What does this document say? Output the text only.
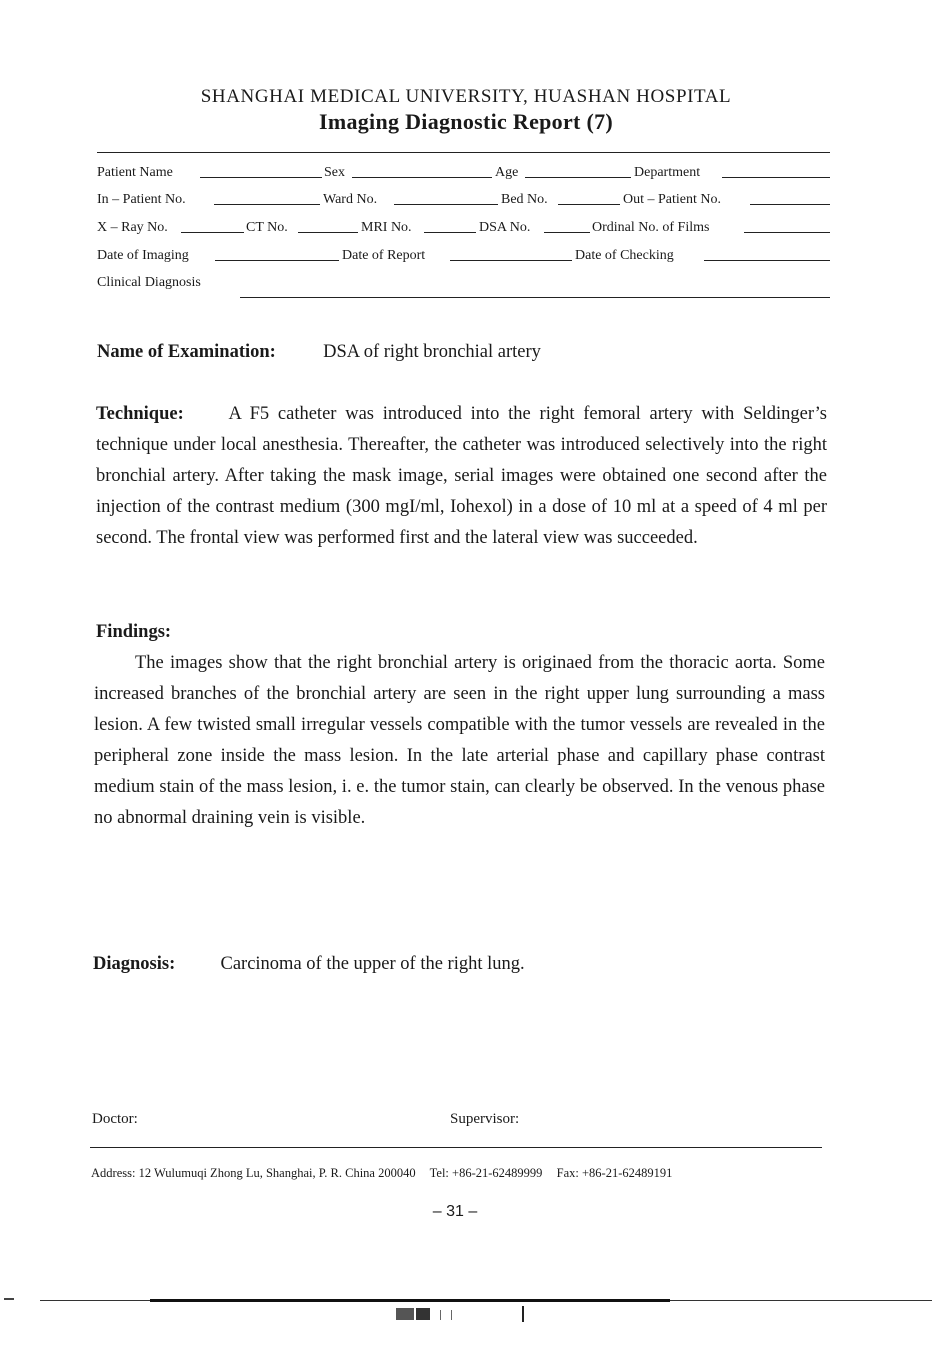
SHANGHAI MEDICAL UNIVERSITY, HUASHAN HOSPITAL
Imaging Diagnostic Report (7)
Patient Name	Sex	Age	Department
In – Patient No.	Ward No.	Bed No.	Out – Patient No.
X – Ray No.	CT No.	MRI No.	DSA No.	Ordinal No. of Films
Date of Imaging	Date of Report	Date of Checking
Clinical Diagnosis
Name of Examination:	DSA of right bronchial artery
Technique: A F5 catheter was introduced into the right femoral artery with Seldinger’s technique under local anesthesia. Thereafter, the catheter was introduced selectively into the right bronchial artery. After taking the mask image, serial images were obtained one second after the injection of the contrast medium (300 mgI/ml, Iohexol) in a dose of 10 ml at a speed of 4 ml per second. The frontal view was performed first and the lateral view was succeeded.
Findings:
The images show that the right bronchial artery is originaed from the thoracic aorta. Some increased branches of the bronchial artery are seen in the right upper lung surrounding a mass lesion. A few twisted small irregular vessels compatible with the tumor vessels are revealed in the peripheral zone inside the mass lesion. In the late arterial phase and capillary phase contrast medium stain of the mass lesion, i. e. the tumor stain, can clearly be observed. In the venous phase no abnormal draining vein is visible.
Diagnosis: Carcinoma of the upper of the right lung.
Doctor:	Supervisor:
Address: 12 Wulumuqi Zhong Lu, Shanghai, P. R. China 200040 Tel: +86-21-62489999 Fax: +86-21-62489191
– 31 –
